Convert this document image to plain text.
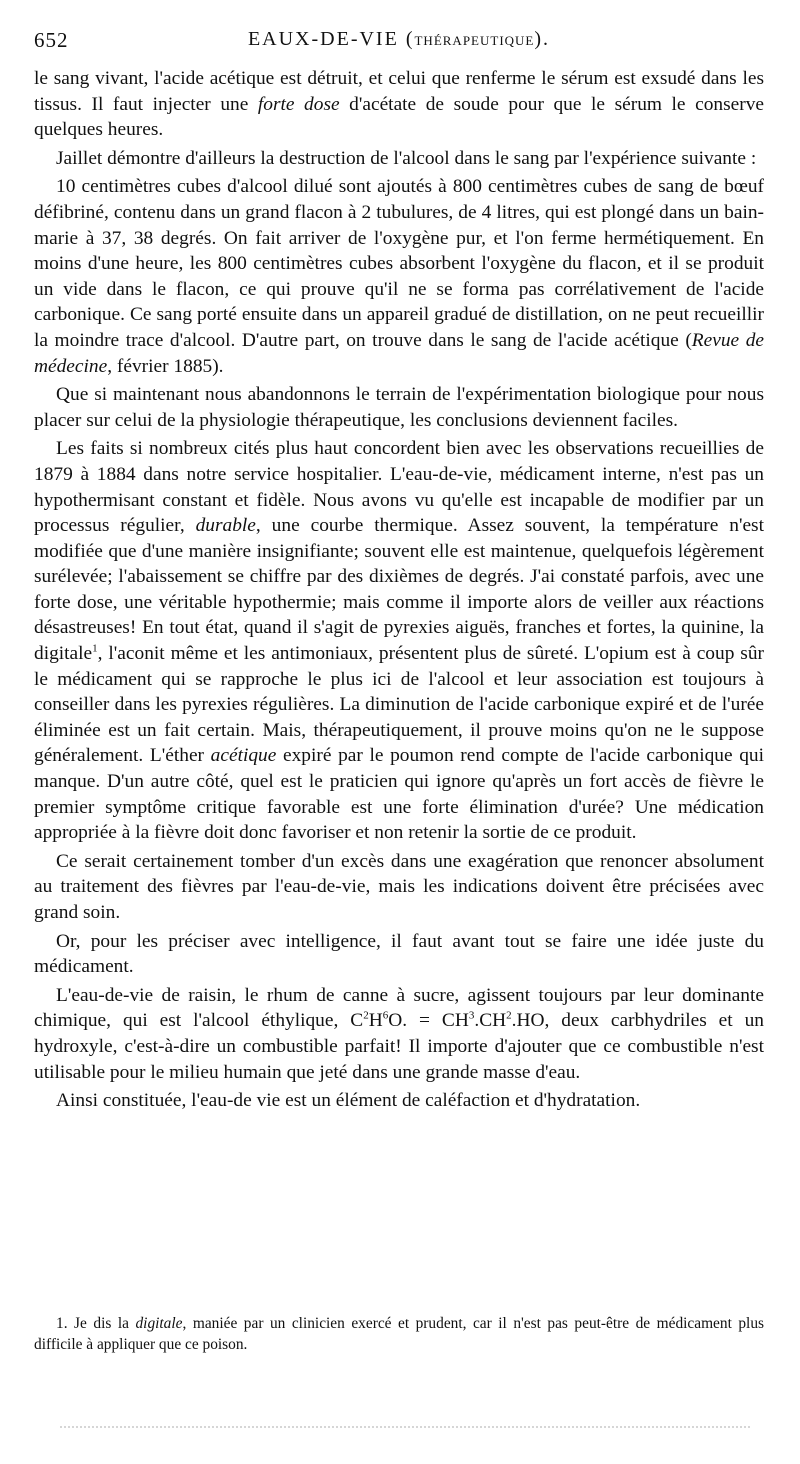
652	EAUX-DE-VIE (THÉRAPEUTIQUE).

le sang vivant, l'acide acétique est détruit, et celui que renferme le sérum est exsudé dans les tissus. Il faut injecter une forte dose d'acétate de soude pour que le sérum le conserve quelques heures.

Jaillet démontre d'ailleurs la destruction de l'alcool dans le sang par l'expérience suivante :

10 centimètres cubes d'alcool dilué sont ajoutés à 800 centimètres cubes de sang de bœuf défibriné, contenu dans un grand flacon à 2 tubulures, de 4 litres, qui est plongé dans un bain-marie à 37, 38 degrés. On fait arriver de l'oxygène pur, et l'on ferme hermétiquement. En moins d'une heure, les 800 centimètres cubes absorbent l'oxygène du flacon, et il se produit un vide dans le flacon, ce qui prouve qu'il ne se forma pas corrélativement de l'acide carbonique. Ce sang porté ensuite dans un appareil gradué de distillation, on ne peut recueillir la moindre trace d'alcool. D'autre part, on trouve dans le sang de l'acide acétique (Revue de médecine, février 1885).

Que si maintenant nous abandonnons le terrain de l'expérimentation biologique pour nous placer sur celui de la physiologie thérapeutique, les conclusions deviennent faciles.

Les faits si nombreux cités plus haut concordent bien avec les observations recueillies de 1879 à 1884 dans notre service hospitalier. L'eau-de-vie, médicament interne, n'est pas un hypothermisant constant et fidèle. Nous avons vu qu'elle est incapable de modifier par un processus régulier, durable, une courbe thermique. Assez souvent, la température n'est modifiée que d'une manière insignifiante; souvent elle est maintenue, quelquefois légèrement surélevée; l'abaissement se chiffre par des dixièmes de degrés. J'ai constaté parfois, avec une forte dose, une véritable hypothermie; mais comme il importe alors de veiller aux réactions désastreuses! En tout état, quand il s'agit de pyrexies aiguës, franches et fortes, la quinine, la digitale$^1$, l'aconit même et les antimoniaux, présentent plus de sûreté. L'opium est à coup sûr le médicament qui se rapproche le plus ici de l'alcool et leur association est toujours à conseiller dans les pyrexies régulières. La diminution de l'acide carbonique expiré et de l'urée éliminée est un fait certain. Mais, thérapeutiquement, il prouve moins qu'on ne le suppose généralement. L'éther acétique expiré par le poumon rend compte de l'acide carbonique qui manque. D'un autre côté, quel est le praticien qui ignore qu'après un fort accès de fièvre le premier symptôme critique favorable est une forte élimination d'urée? Une médication appropriée à la fièvre doit donc favoriser et non retenir la sortie de ce produit.

Ce serait certainement tomber d'un excès dans une exagération que renoncer absolument au traitement des fièvres par l'eau-de-vie, mais les indications doivent être précisées avec grand soin.

Or, pour les préciser avec intelligence, il faut avant tout se faire une idée juste du médicament.

L'eau-de-vie de raisin, le rhum de canne à sucre, agissent toujours par leur dominante chimique, qui est l'alcool éthylique, $C^2H^6O$. = $CH^3.CH^2.HO$, deux carbhydriles et un hydroxyle, c'est-à-dire un combustible parfait! Il importe d'ajouter que ce combustible n'est utilisable pour le milieu humain que jeté dans une grande masse d'eau.

Ainsi constituée, l'eau-de vie est un élément de caléfaction et d'hydratation.

1. Je dis la digitale, maniée par un clinicien exercé et prudent, car il n'est pas peut-être de médicament plus difficile à appliquer que ce poison.
